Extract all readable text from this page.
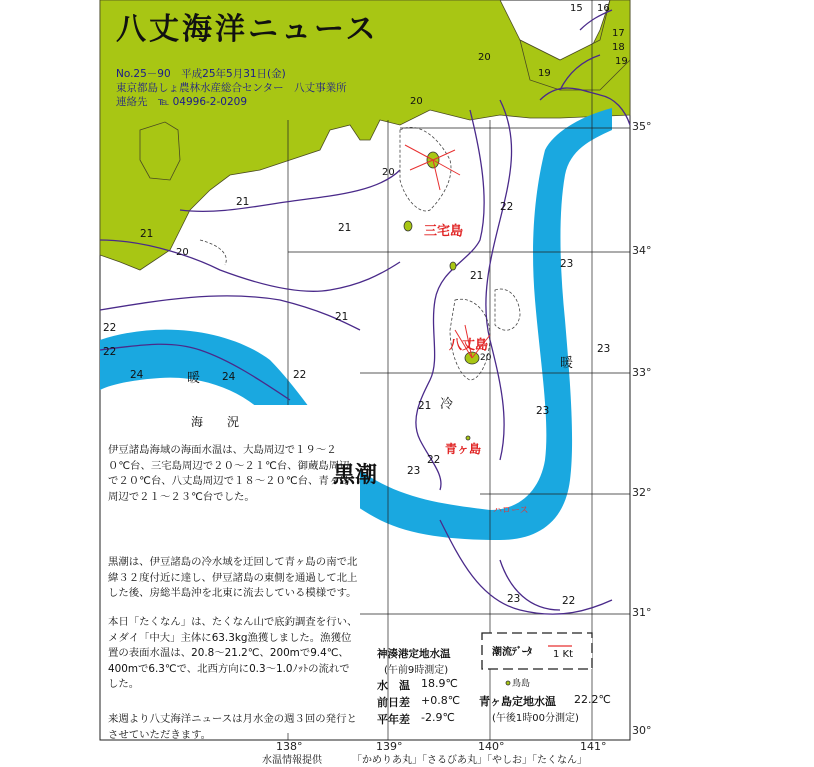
八丈海洋ニュース
No.25－90　平成25年5月31日(金)
東京都島しょ農林水産総合センター　八丈事業所
連絡先　℡ 04996-2-0209
海　況

伊豆諸島海域の海面水温は、大島周辺で１９～２０℃台、三宅島周辺で２０～２１℃台、御蔵島周辺で２０℃台、八丈島周辺で１８～２０℃台、青ヶ島周辺で２１～２３℃台でした。

黒潮は、伊豆諸島の冷水域を迂回して青ヶ島の南で北緯３２度付近に達し、伊豆諸島の東側を通過して北上した後、房総半島沖を北東に流去している模様です。

本日「たくなん」は、たくなん山で底釣調査を行い、メダイ「中大」主体に63.3kg漁獲しました。漁獲位置の表面水温は、20.8～21.2℃、200mで9.4℃、400mで6.3℃で、北西方向に0.3～1.0ﾉｯﾄの流れでした。

来週より八丈海洋ニュースは月水金の週３回の発行とさせていただきます。

黒潮
暖
暖
冷
ハロース
三宅島
八丈島
青ヶ島
鳥島
15 16
17
18
19
19
20
20
20
20
20
21
21	21
21
21
21
22
22
22
22
22
22
23
23
23
23
23
24	24
138°	139°	140°	141°
35°
34°
33°
32°
31°
30°
神湊港定地水温
(午前9時測定)
水　温 18.9℃
前日差 +0.8℃
平年差 -2.9℃
青ヶ島定地水温 22.2℃
(午後1時00分測定)
潮流ﾃﾞｰﾀ 1 Kt
水温情報提供	「かめりあ丸」「さるびあ丸」「やしお」「たくなん」
